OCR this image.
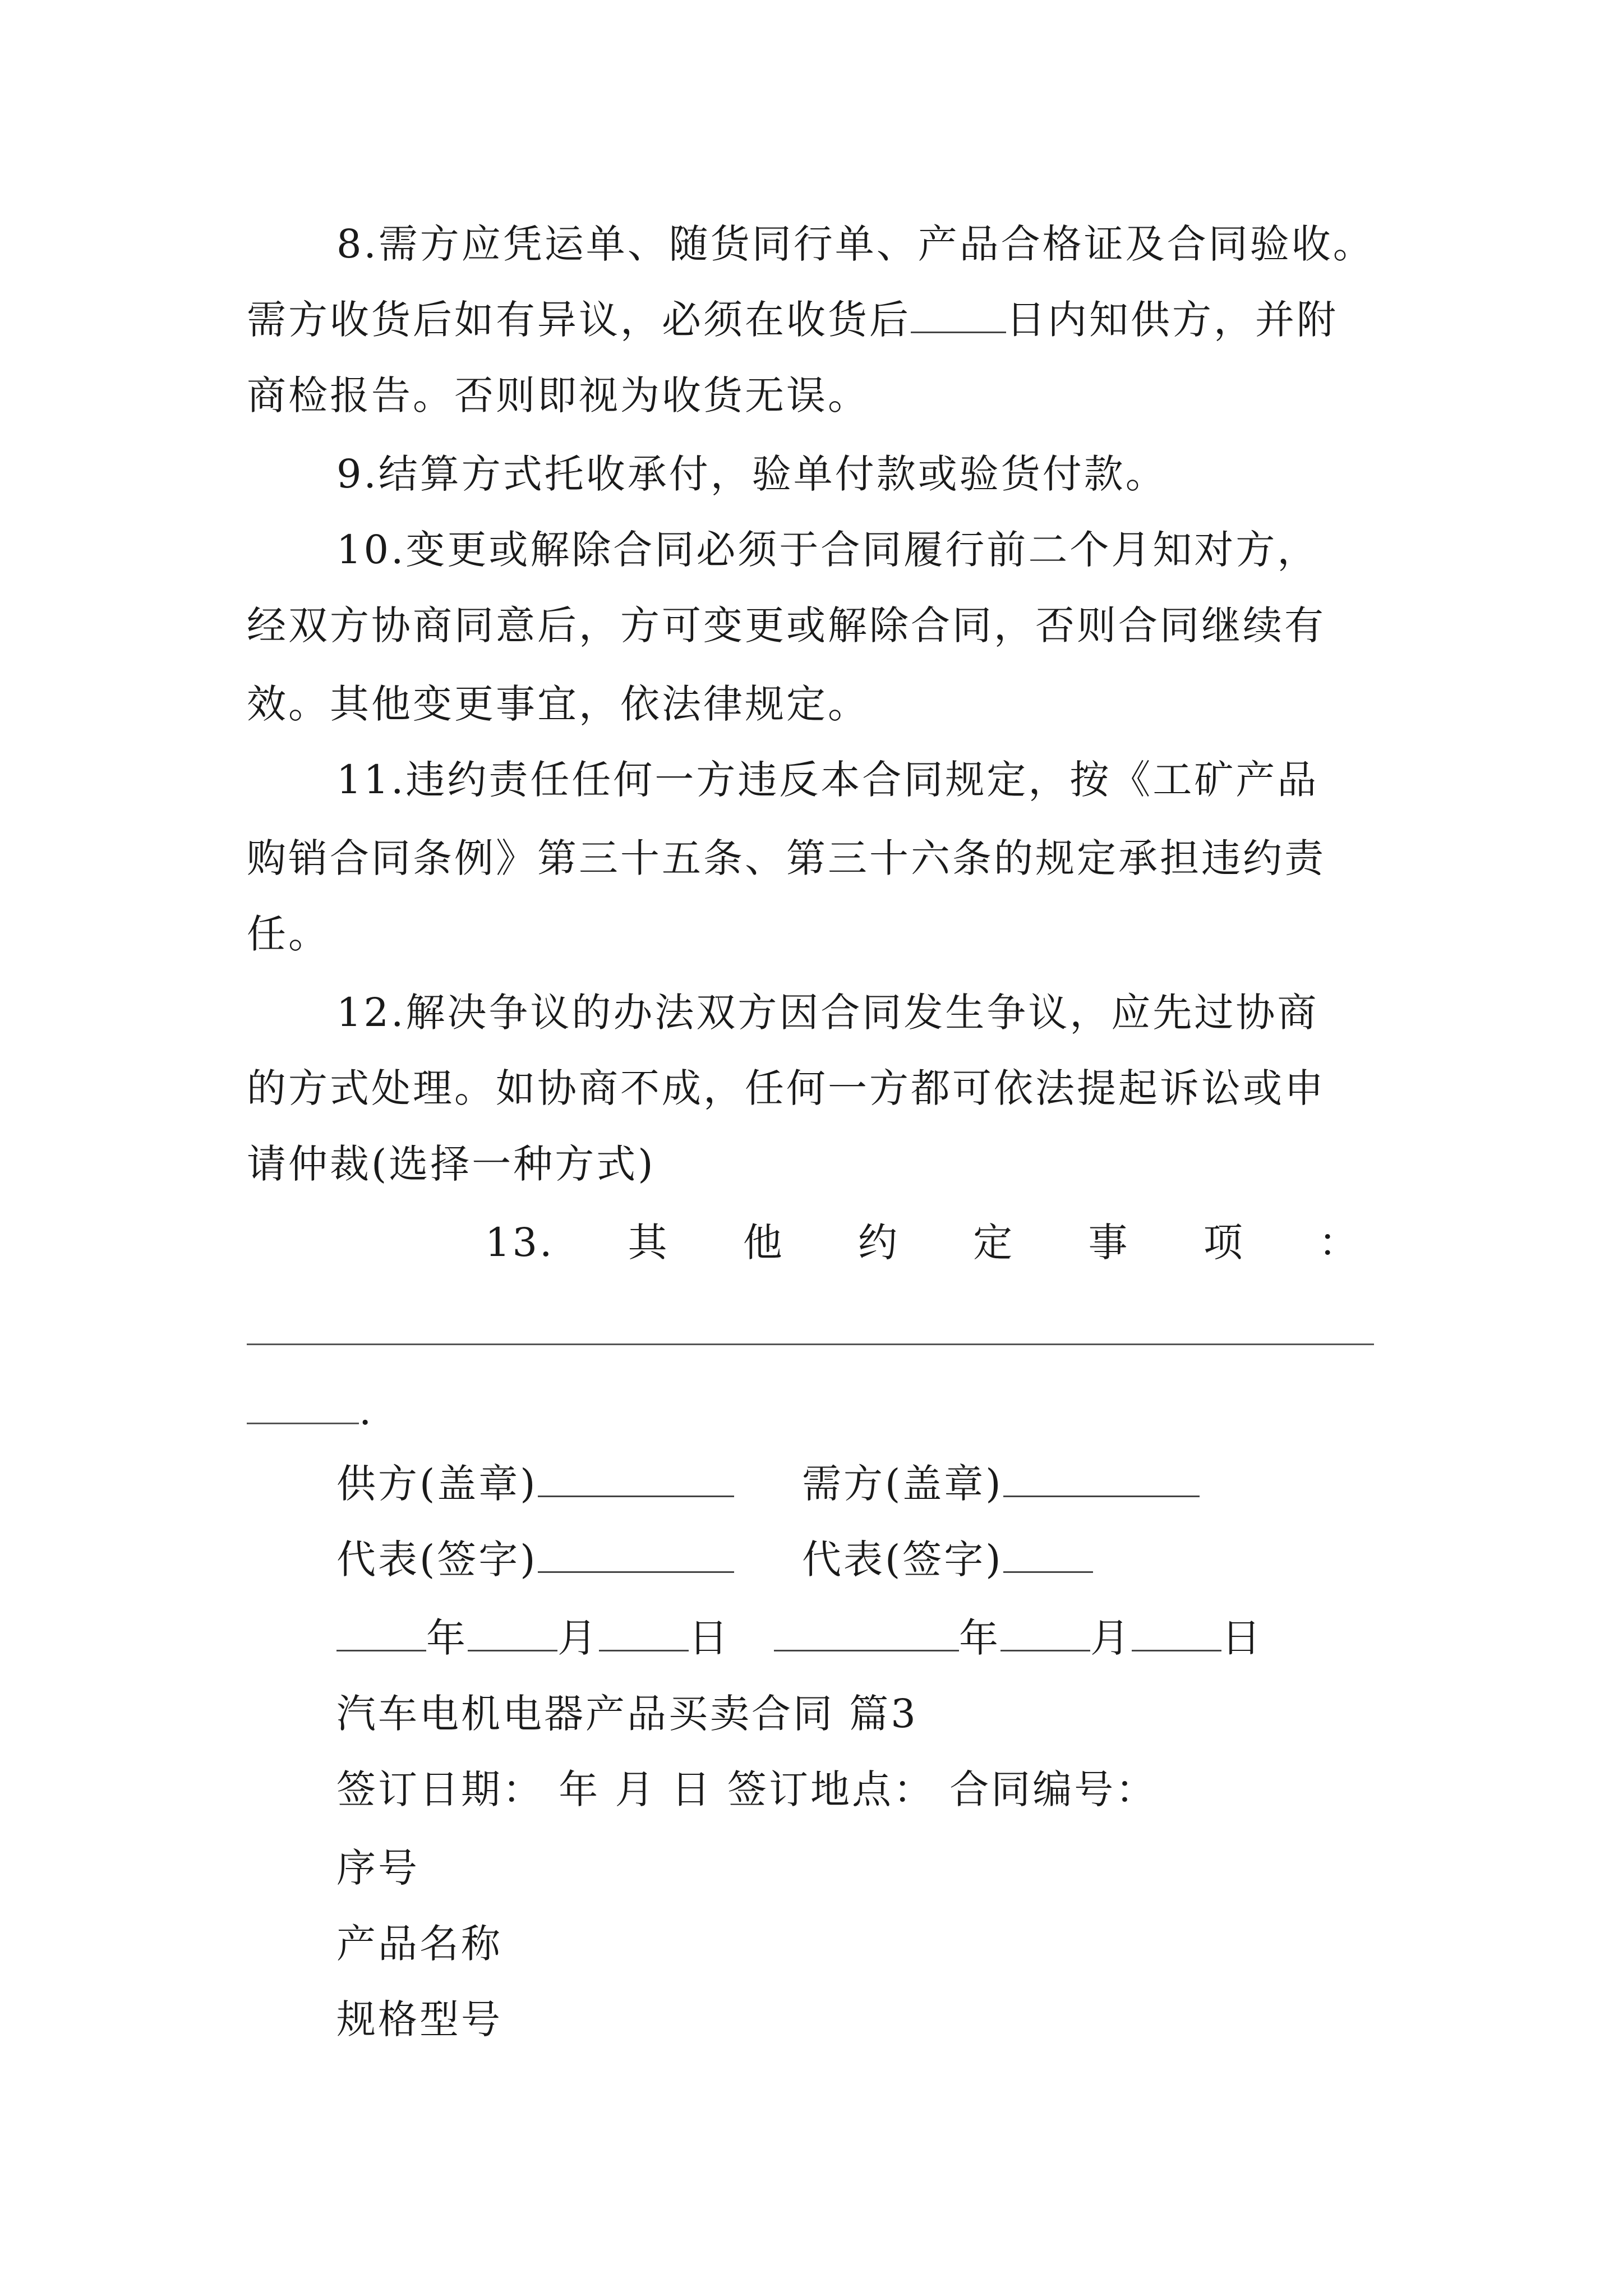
8.需方应凭运单、随货同行单、产品合格证及合同验收。
需方收货后如有异议，必须在收货后 日内知供方，并附
商检报告。否则即视为收货无误。
9.结算方式托收承付，验单付款或验货付款。
10.变更或解除合同必须于合同履行前二个月知对方，
经双方协商同意后，方可变更或解除合同，否则合同继续有
效。其他变更事宜，依法律规定。
11.违约责任任何一方违反本合同规定，按《工矿产品
购销合同条例》第三十五条、第三十六条的规定承担违约责
任。
12.解决争议的办法双方因合同发生争议，应先过协商
的方式处理。如协商不成，任何一方都可依法提起诉讼或申
请仲裁(选择一种方式)
13. 其 他 约 定 事 项 ：
.
供方(盖章)	需方(盖章)
代表(签字)	代表(签字)
年 月 日	年 月 日
汽车电机电器产品买卖合同 篇3
签订日期： 年 月 日 签订地点： 合同编号：
序号
产品名称
规格型号
